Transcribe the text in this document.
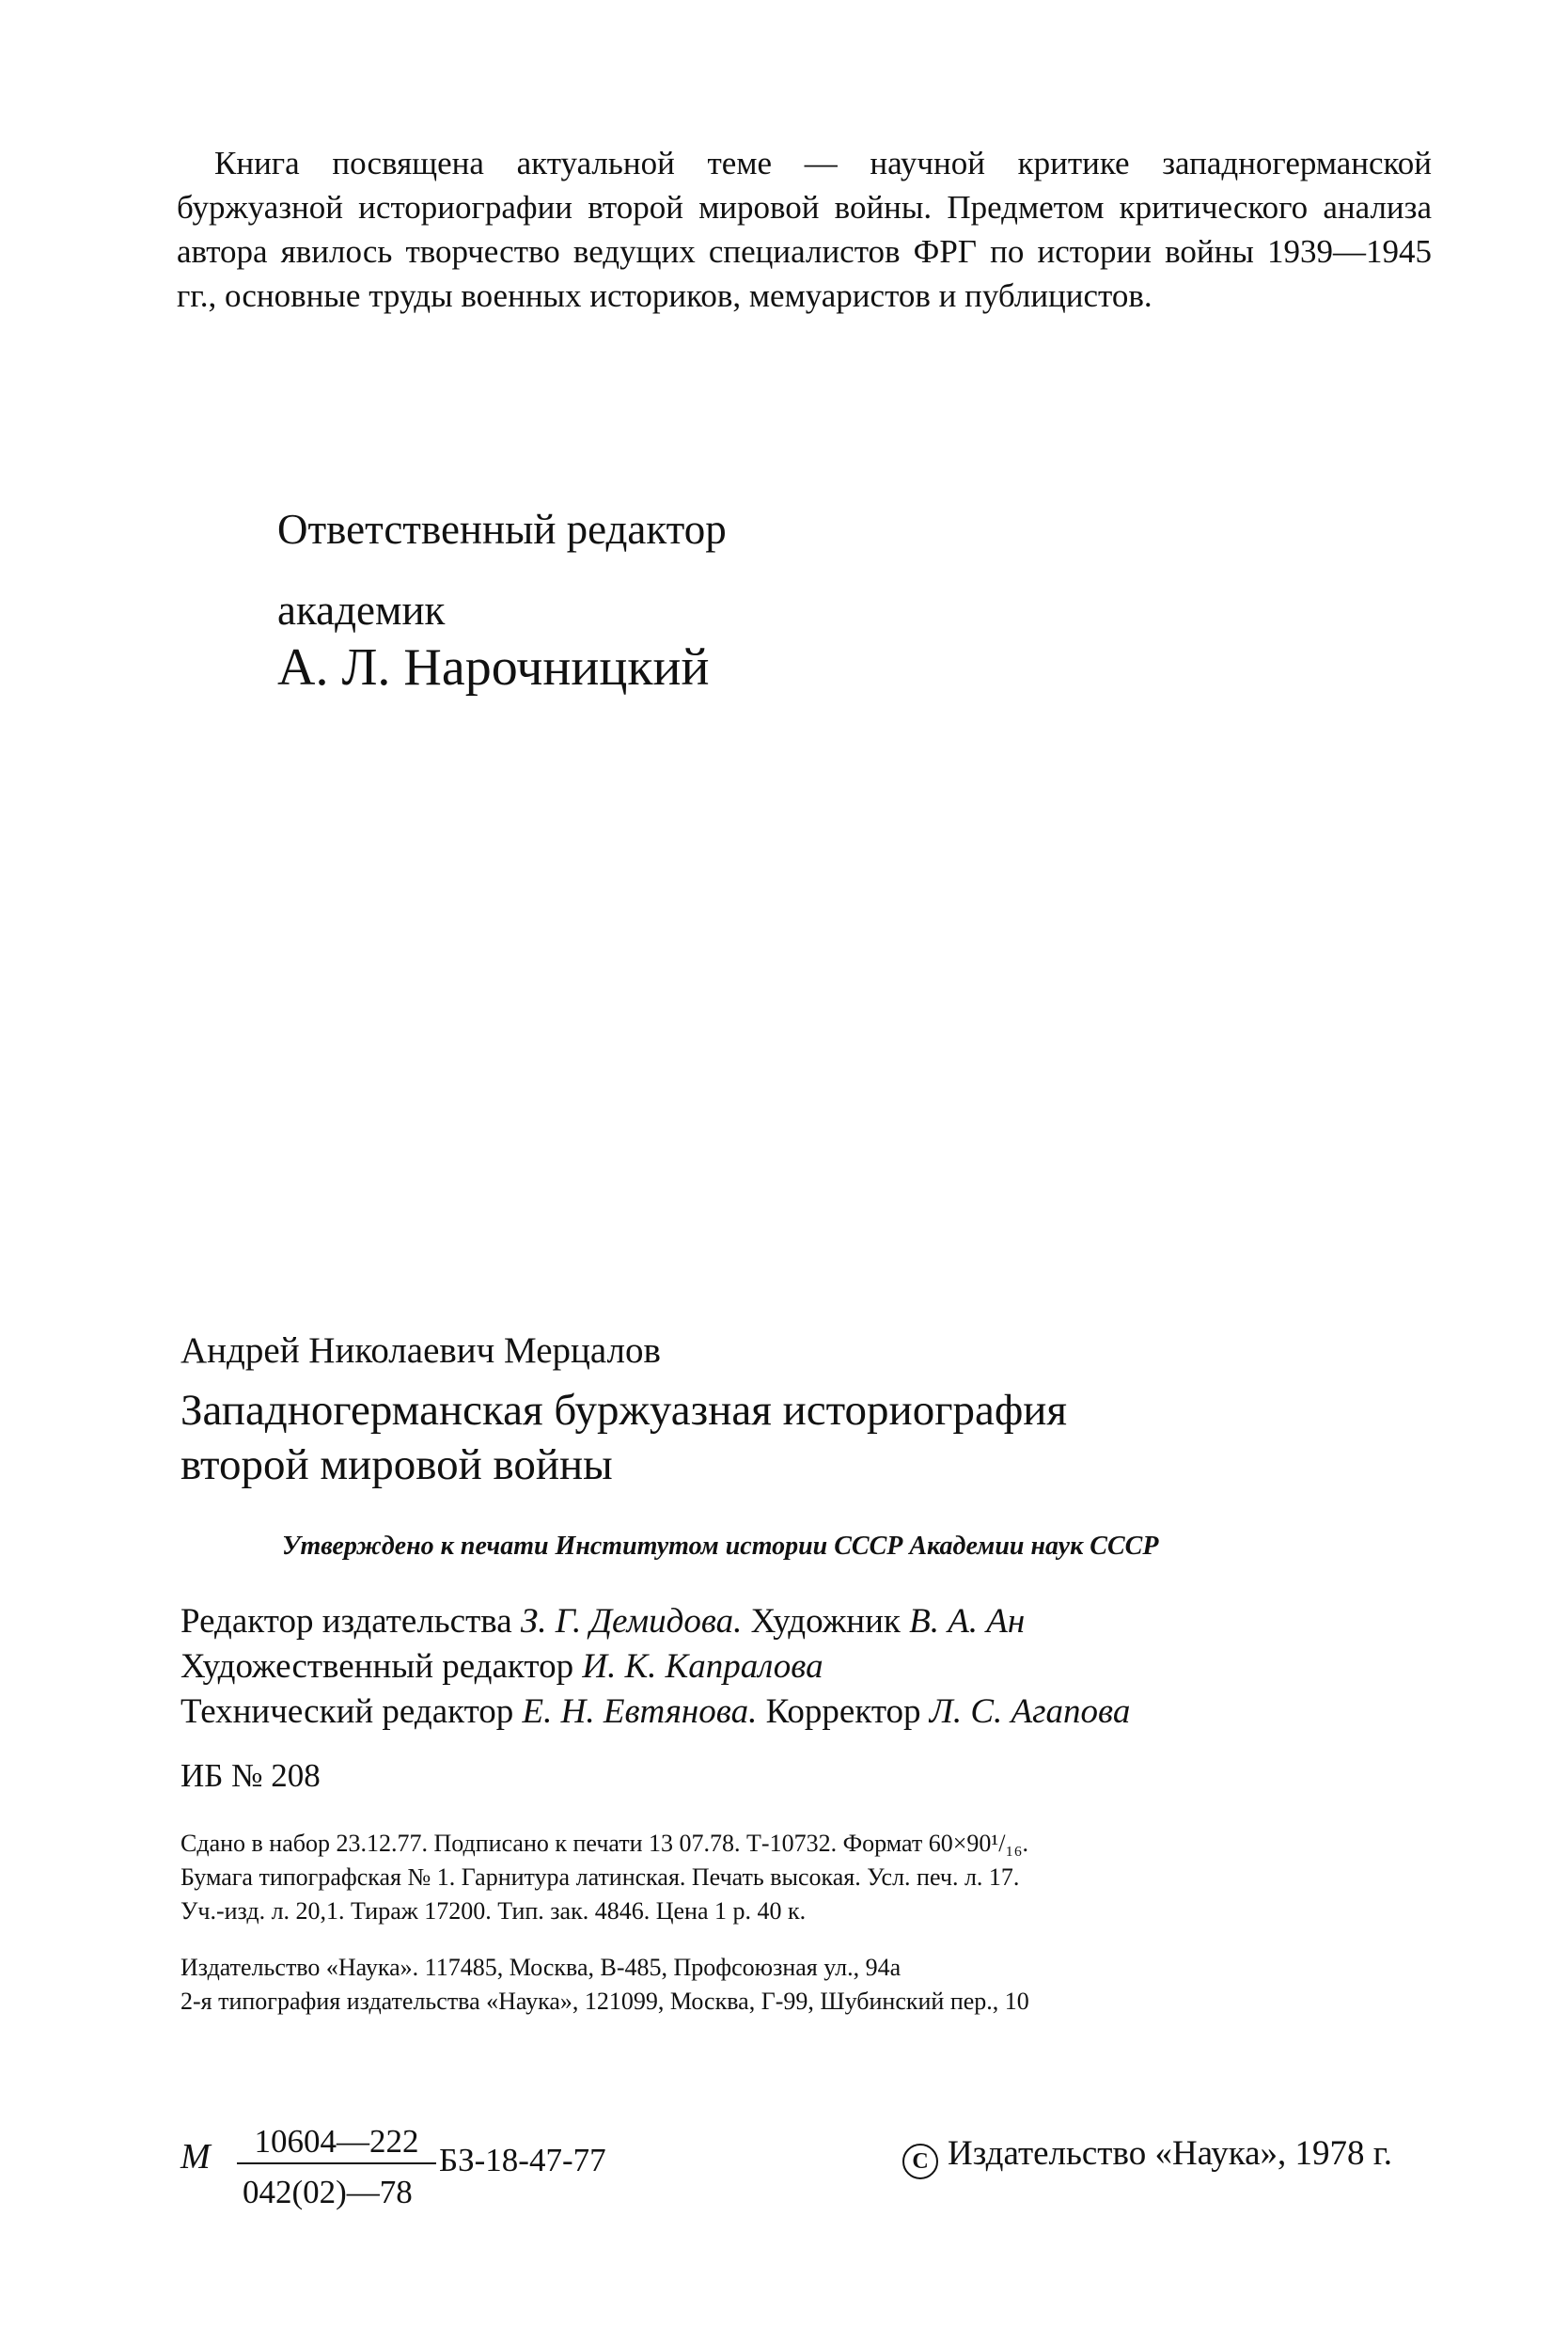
Книга посвящена актуальной теме — научной критике западногерманской буржуазной историографии второй мировой войны. Предметом критического анализа автора явилось творчество ведущих специалистов ФРГ по истории войны 1939—1945 гг., основные труды военных историков, мемуаристов и публицистов.

Ответственный редактор

академик

А. Л. Нарочницкий

Андрей Николаевич Мерцалов

Западногерманская буржуазная историография
второй мировой войны

Утверждено к печати Институтом истории СССР Академии наук СССР

Редактор издательства З. Г. Демидова. Художник В. А. Ан

Художественный редактор И. К. Капралова

Технический редактор Е. Н. Евтянова. Корректор Л. С. Агапова

ИБ № 208

Сдано в набор 23.12.77. Подписано к печати 13 07.78. Т-10732. Формат 60×90¹/₁₆.

Бумага типографская № 1. Гарнитура латинская. Печать высокая. Усл. печ. л. 17.

Уч.-изд. л. 20,1. Тираж 17200. Тип. зак. 4846. Цена 1 р. 40 к.

Издательство «Наука». 117485, Москва, В-485, Профсоюзная ул., 94а

2-я типография издательства «Наука», 121099, Москва, Г-99, Шубинский пер., 10

М	10604—222
042(02)—78
БЗ-18-47-77	C Издательство «Наука», 1978 г.
